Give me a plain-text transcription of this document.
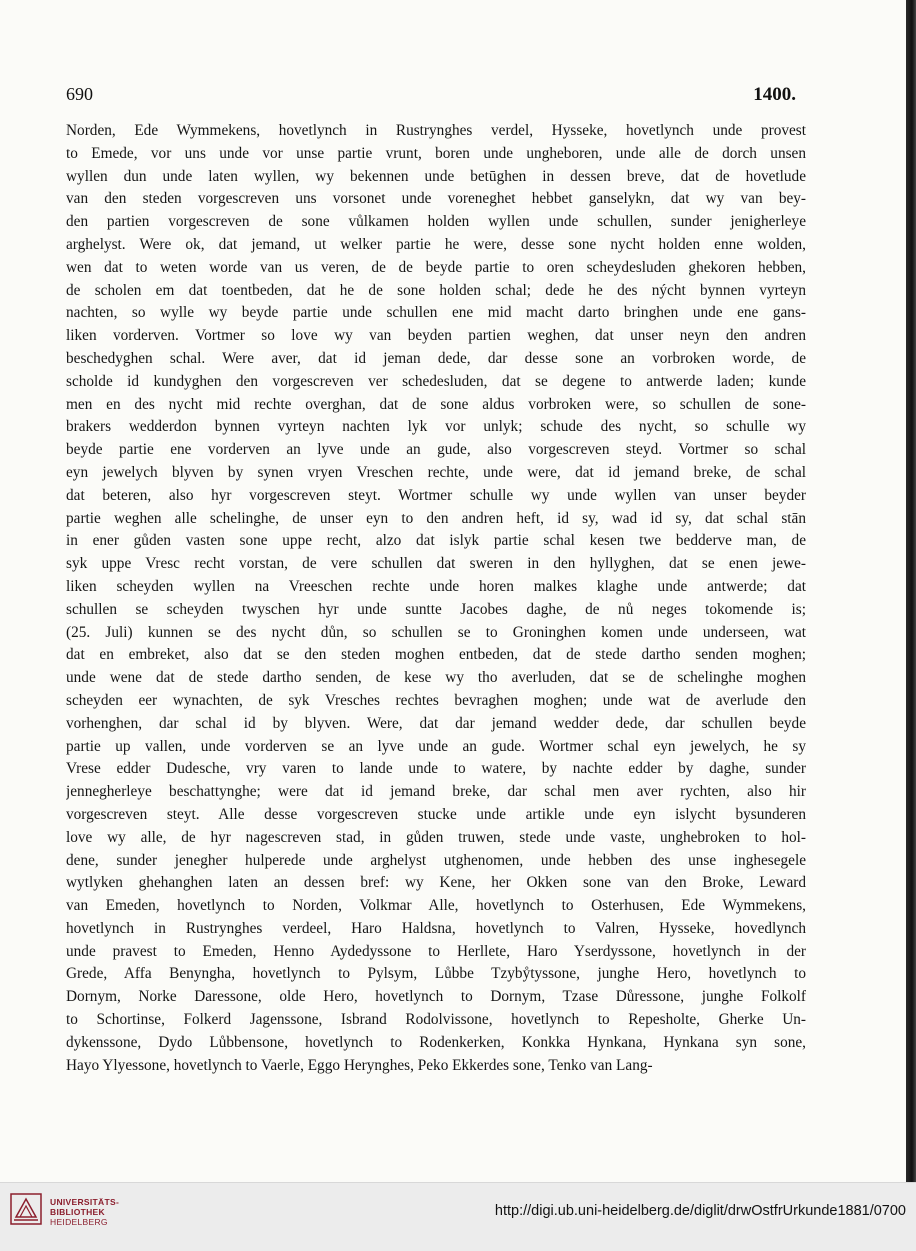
690	1400.
Norden, Ede Wymmekens, hovetlynch in Rustrynghes verdel, Hysseke, hovetlynch unde provest
to Emede, vor uns unde vor unse partie vrunt, boren unde ungheboren, unde alle de dorch unsen
wyllen dun unde laten wyllen, wy bekennen unde betūghen in dessen breve, dat de hovetlude
van den steden vorgescreven uns vorsonet unde voreneghet hebbet ganselykn, dat wy van bey-
den partien vorgescreven de sone vůlkamen holden wyllen unde schullen, sunder jenigherleye
arghelyst. Were ok, dat jemand, ut welker partie he were, desse sone nycht holden enne wolden,
wen dat to weten worde van us veren, de de beyde partie to oren scheydesluden ghekoren hebben,
de scholen em dat toentbeden, dat he de sone holden schal; dede he des nýcht bynnen vyrteyn
nachten, so wylle wy beyde partie unde schullen ene mid macht darto bringhen unde ene gans-
liken vorderven. Vortmer so love wy van beyden partien weghen, dat unser neyn den andren
beschedyghen schal. Were aver, dat id jeman dede, dar desse sone an vorbroken worde, de
scholde id kundyghen den vorgescreven ver schedesluden, dat se degene to antwerde laden; kunde
men en des nycht mid rechte overghan, dat de sone aldus vorbroken were, so schullen de sone-
brakers wedderdon bynnen vyrteyn nachten lyk vor unlyk; schude des nycht, so schulle wy
beyde partie ene vorderven an lyve unde an gude, also vorgescreven steyd. Vortmer so schal
eyn jewelych blyven by synen vryen Vreschen rechte, unde were, dat id jemand breke, de schal
dat beteren, also hyr vorgescreven steyt. Wortmer schulle wy unde wyllen van unser beyder
partie weghen alle schelinghe, de unser eyn to den andren heft, id sy, wad id sy, dat schal stān
in ener gůden vasten sone uppe recht, alzo dat islyk partie schal kesen twe bedderve man, de
syk uppe Vresc recht vorstan, de vere schullen dat sweren in den hyllyghen, dat se enen jewe-
liken scheyden wyllen na Vreeschen rechte unde horen malkes klaghe unde antwerde; dat
schullen se scheyden twyschen hyr unde suntte Jacobes daghe, de nů neges tokomende is;
(25. Juli) kunnen se des nycht důn, so schullen se to Groninghen komen unde underseen, wat
dat en embreket, also dat se den steden moghen entbeden, dat de stede dartho senden moghen;
unde wene dat de stede dartho senden, de kese wy tho averluden, dat se de schelinghe moghen
scheyden eer wynachten, de syk Vresches rechtes bevraghen moghen; unde wat de averlude den
vorhenghen, dar schal id by blyven. Were, dat dar jemand wedder dede, dar schullen beyde
partie up vallen, unde vorderven se an lyve unde an gude. Wortmer schal eyn jewelych, he sy
Vrese edder Dudesche, vry varen to lande unde to watere, by nachte edder by daghe, sunder
jennegherleye beschattynghe; were dat id jemand breke, dar schal men aver rychten, also hir
vorgescreven steyt. Alle desse vorgescreven stucke unde artikle unde eyn islycht bysunderen
love wy alle, de hyr nagescreven stad, in gůden truwen, stede unde vaste, unghebroken to hol-
dene, sunder jenegher hulperede unde arghelyst utghenomen, unde hebben des unse inghesegele
wytlyken ghehanghen laten an dessen bref: wy Kene, her Okken sone van den Broke, Leward
van Emeden, hovetlynch to Norden, Volkmar Alle, hovetlynch to Osterhusen, Ede Wymmekens,
hovetlynch in Rustrynghes verdeel, Haro Haldsna, hovetlynch to Valren, Hysseke, hovedlynch
unde pravest to Emeden, Henno Aydedyssone to Herllete, Haro Yserdyssone, hovetlynch in der
Grede, Affa Benyngha, hovetlynch to Pylsym, Lůbbe Tzybẙtyssone, junghe Hero, hovetlynch to
Dornym, Norke Daressone, olde Hero, hovetlynch to Dornym, Tzase Důressone, junghe Folkolf
to Schortinse, Folkerd Jagenssone, Isbrand Rodolvissone, hovetlynch to Repesholte, Gherke Un-
dykenssone, Dydo Lůbbensone, hovetlynch to Rodenkerken, Konkka Hynkana, Hynkana syn sone,
Hayo Ylyessone, hovetlynch to Vaerle, Eggo Herynghes, Peko Ekkerdes sone, Tenko van Lang-
UNIVERSITÄTS-
BIBLIOTHEK
HEIDELBERG
http://digi.ub.uni-heidelberg.de/diglit/drwOstfrUrkunde1881/0700
